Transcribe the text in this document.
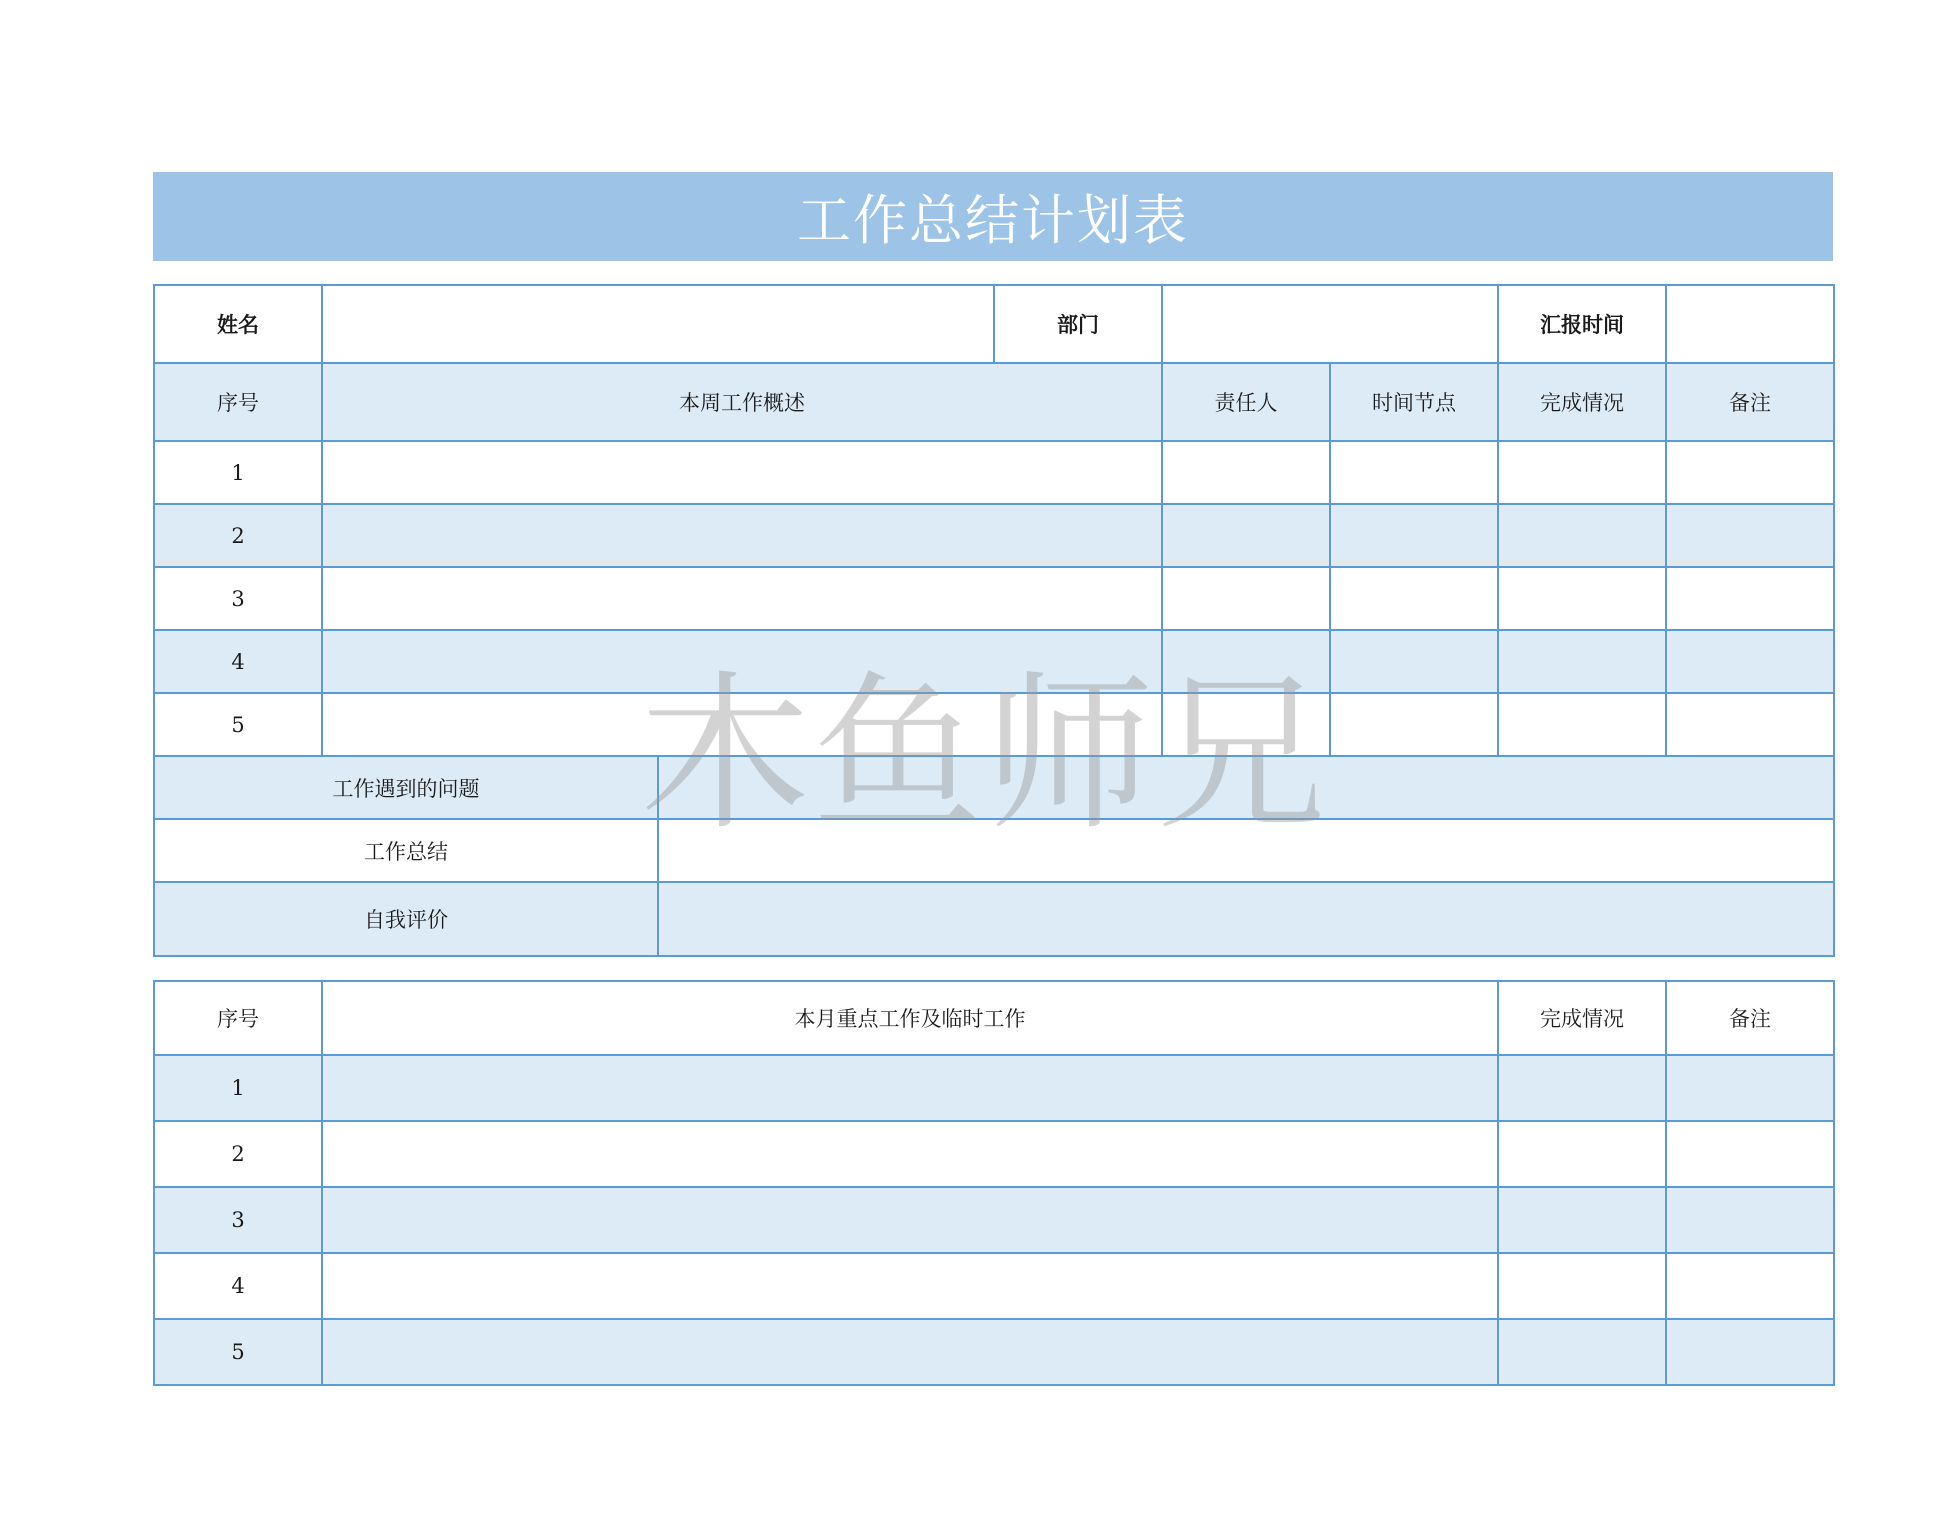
工作总结计划表
姓名			部门			汇报时间	
序号	本周工作概述			责任人	时间节点	完成情况	备注
1							
2							
3							
4							
5							
工作遇到的问题							
工作总结							
自我评价							
序号	本月重点工作及临时工作	完成情况	备注
1			
2			
3			
4			
5			
木鱼师兄
